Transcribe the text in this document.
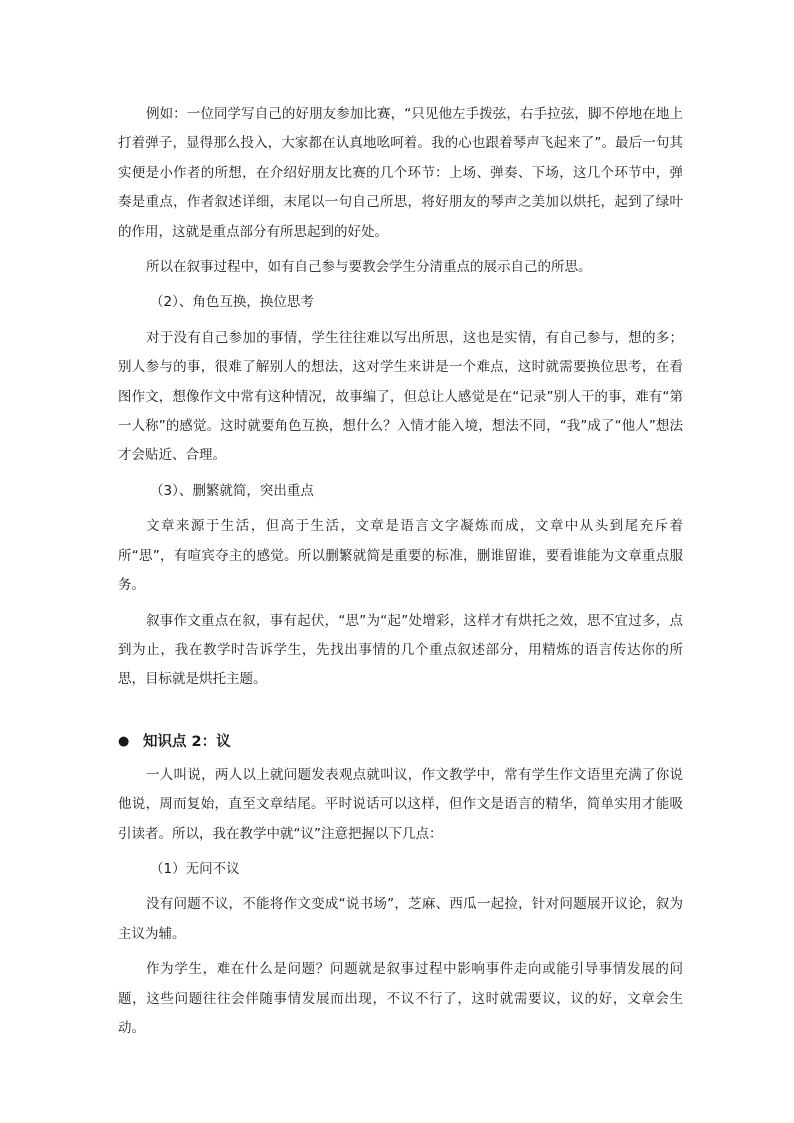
例如：一位同学写自己的好朋友参加比赛，“只见他左手拨弦，右手拉弦，脚不停地在地上打着弹子，显得那么投入，大家都在认真地吆呵着。我的心也跟着琴声飞起来了”。最后一句其实便是小作者的所想，在介绍好朋友比赛的几个环节：上场、弹奏、下场，这几个环节中，弹奏是重点，作者叙述详细，末尾以一句自己所思，将好朋友的琴声之美加以烘托，起到了绿叶的作用，这就是重点部分有所思起到的好处。

所以在叙事过程中，如有自己参与要教会学生分清重点的展示自己的所思。

（2）、角色互换，换位思考

对于没有自己参加的事情，学生往往难以写出所思，这也是实情，有自己参与，想的多；别人参与的事，很难了解别人的想法，这对学生来讲是一个难点，这时就需要换位思考，在看图作文，想像作文中常有这种情况，故事编了，但总让人感觉是在“记录”别人干的事，难有“第一人称”的感觉。这时就要角色互换，想什么？入情才能入境，想法不同，“我”成了“他人”想法才会贴近、合理。

（3）、删繁就简，突出重点

文章来源于生活，但高于生活，文章是语言文字凝炼而成，文章中从头到尾充斥着所“思”，有喧宾夺主的感觉。所以删繁就简是重要的标准，删谁留谁，要看谁能为文章重点服务。

叙事作文重点在叙，事有起伏，“思”为“起”处增彩，这样才有烘托之效，思不宜过多，点到为止，我在教学时告诉学生，先找出事情的几个重点叙述部分，用精炼的语言传达你的所思，目标就是烘托主题。

● 知识点 2：议

一人叫说，两人以上就问题发表观点就叫议，作文教学中，常有学生作文语里充满了你说他说，周而复始，直至文章结尾。平时说话可以这样，但作文是语言的精华，简单实用才能吸引读者。所以，我在教学中就“议”注意把握以下几点：

（1）无问不议

没有问题不议，不能将作文变成“说书场”，芝麻、西瓜一起捡，针对问题展开议论，叙为主议为辅。

作为学生，难在什么是问题？问题就是叙事过程中影响事件走向或能引导事情发展的问题，这些问题往往会伴随事情发展而出现，不议不行了，这时就需要议，议的好，文章会生动。
